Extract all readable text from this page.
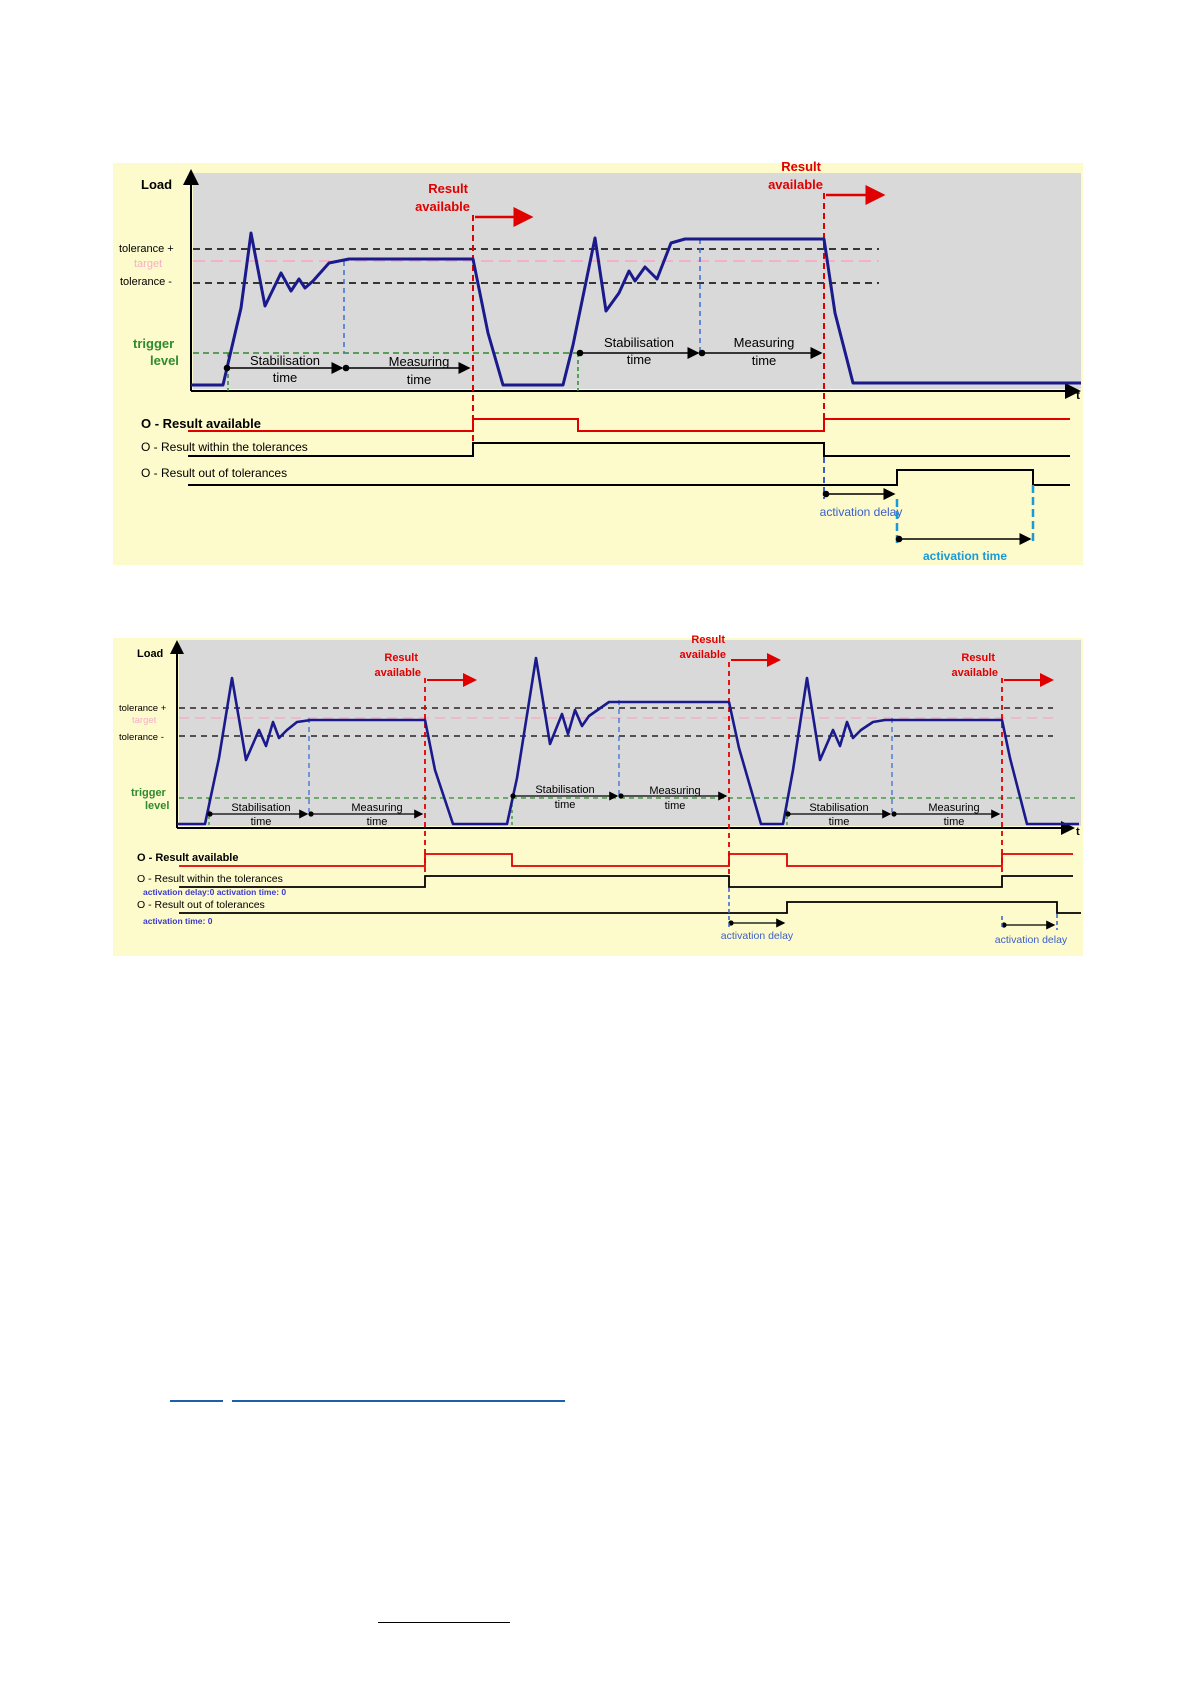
Load
t
tolerance +
target
tolerance -
trigger
level
Result
available
Result
available
Stabilisation
time
Measuring
time
Stabilisation
time
Measuring
time
O - Result available
O - Result within the tolerances
O - Result out of tolerances
activation delay
activation time
Load
t
tolerance +
target
tolerance -
trigger
level
Result
available
Result
available	Result
available
Stabilisation
time
Measuring
time
Stabilisation
time
Measuring
time	Stabilisation
time
Measuring
time
O - Result available
O - Result within the tolerances
activation delay:0 activation time: 0
O - Result out of tolerances
activation time: 0
activation delay	activation delay
